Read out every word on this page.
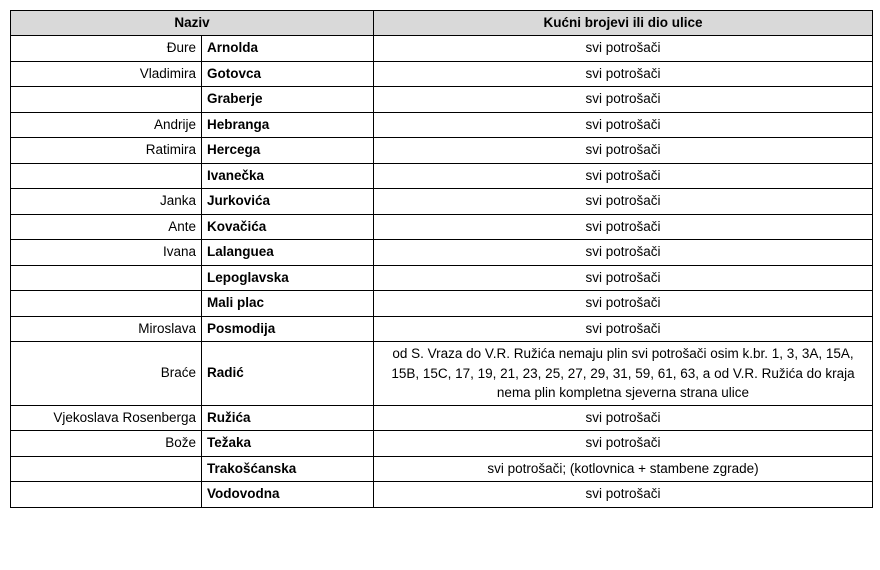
Naziv		Kućni brojevi ili dio ulice
Đure	Arnolda	svi potrošači
Vladimira	Gotovca	svi potrošači
	Graberje	svi potrošači
Andrije	Hebranga	svi potrošači
Ratimira	Hercega	svi potrošači
	Ivanečka	svi potrošači
Janka	Jurkovića	svi potrošači
Ante	Kovačića	svi potrošači
Ivana	Lalanguea	svi potrošači
	Lepoglavska	svi potrošači
	Mali plac	svi potrošači
Miroslava	Posmodija	svi potrošači
Braće	Radić	od S. Vraza do V.R. Ružića nemaju plin svi potrošači osim k.br. 1, 3, 3A, 15A, 15B, 15C, 17, 19, 21, 23, 25, 27, 29, 31, 59, 61, 63, a od V.R. Ružića do kraja nema plin kompletna sjeverna strana ulice
Vjekoslava Rosenberga	Ružića	svi potrošači
Bože	Težaka	svi potrošači
	Trakošćanska	svi potrošači; (kotlovnica + stambene zgrade)
	Vodovodna	svi potrošači
